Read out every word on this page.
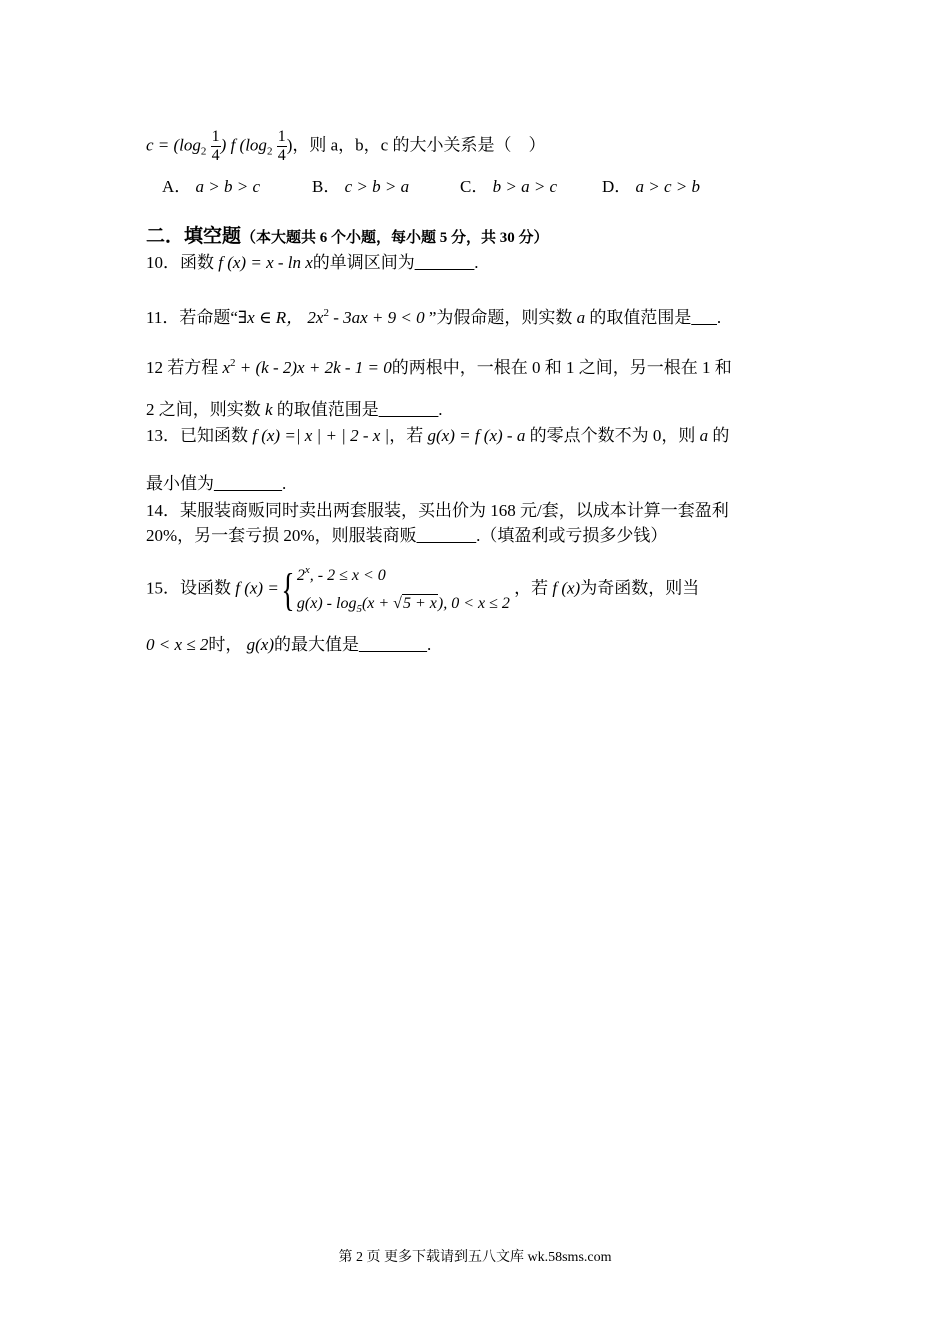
$c = (\log_2 \frac{1}{4}$ ) f ($\log_2 \frac{1}{4}$ )，则 a，b，c 的大小关系是（　）
A． a > b > c	B． c > b > a	C． b > a > c	D． a > c > b
二．填空题（本大题共 6 个小题，每小题 5 分，共 30 分）
10．函数 f (x) = x - ln x的单调区间为_______.
11．若命题“∃x ∈ R， $2x^2 - 3ax + 9 < 0$ ”为假命题，则实数 a 的取值范围是___.
12 若方程 $x^2 + (k - 2)x + 2k - 1 = 0$的两根中，一根在 0 和 1 之间，另一根在 1 和
2 之间，则实数 k 的取值范围是_______.
13．已知函数 f (x) =| x | + | 2 - x |，若 g(x) = f (x) - a 的零点个数不为 0，则 a 的
最小值为________.
14．某服装商贩同时卖出两套服装，买出价为 168 元/套，以成本计算一套盈利
20%，另一套亏损 20%，则服装商贩_______.（填盈利或亏损多少钱）
15．设函数 f (x) ={ 2$^x$, - 2 ≤ x < 0
$g(x) - \log_5(x + √5 + x)$, 0 < x ≤ 2
，若 f (x)为奇函数，则当
0 < x ≤ 2时， g(x)的最大值是________.
第 2 页 更多下载请到五八文库 wk.58sms.com
